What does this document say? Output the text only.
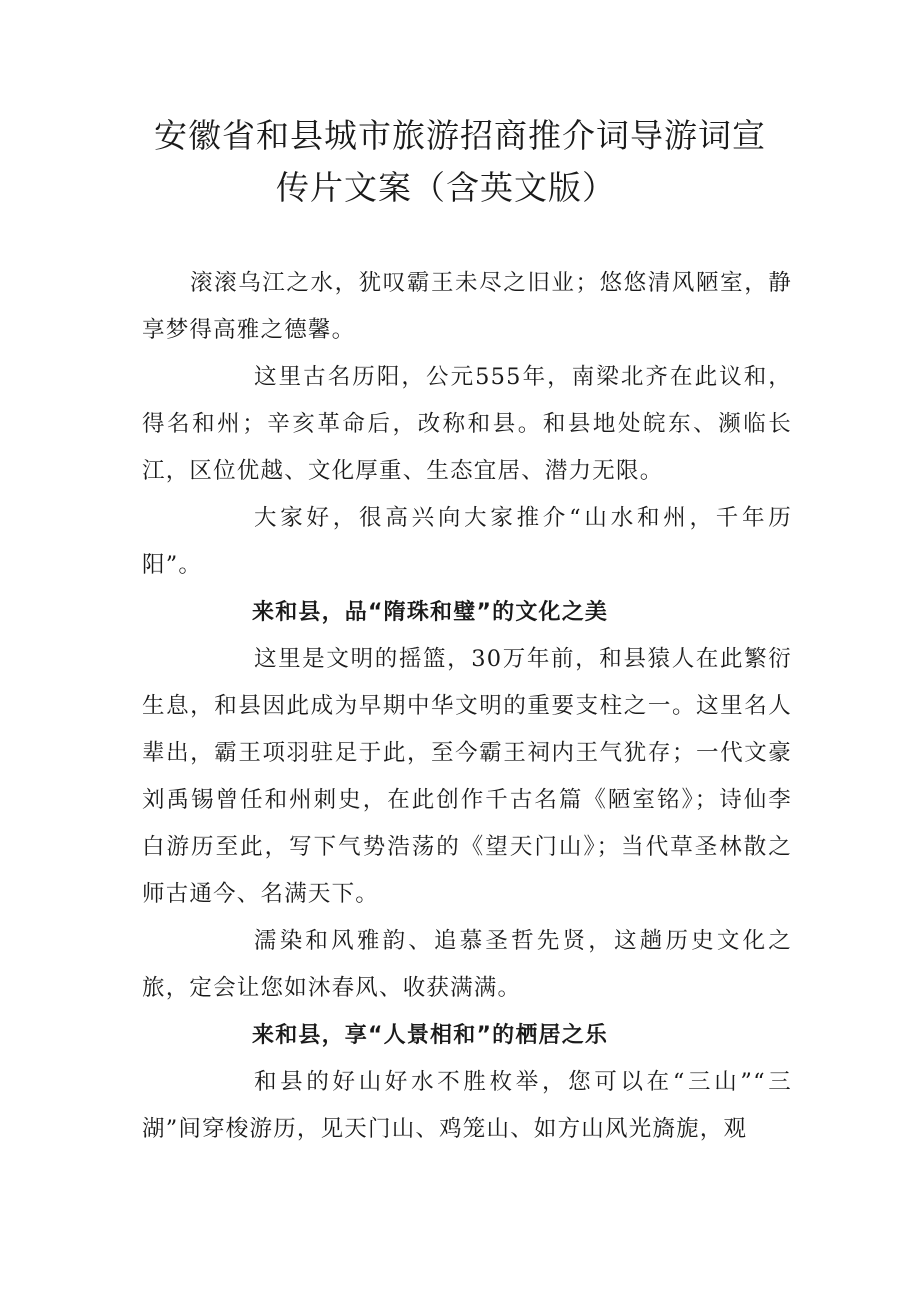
安徽省和县城市旅游招商推介词导游词宣
传片文案（含英文版）

滚滚乌江之水，犹叹霸王未尽之旧业；悠悠清风陋室，静享梦得高雅之德馨。

这里古名历阳，公元555年，南梁北齐在此议和，得名和州；辛亥革命后，改称和县。和县地处皖东、濒临长江，区位优越、文化厚重、生态宜居、潜力无限。

大家好，很高兴向大家推介“山水和州，千年历阳”。

来和县，品“隋珠和璧”的文化之美

这里是文明的摇篮，30万年前，和县猿人在此繁衍生息，和县因此成为早期中华文明的重要支柱之一。这里名人辈出，霸王项羽驻足于此，至今霸王祠内王气犹存；一代文豪刘禹锡曾任和州刺史，在此创作千古名篇《陋室铭》；诗仙李白游历至此，写下气势浩荡的《望天门山》；当代草圣林散之师古通今、名满天下。

濡染和风雅韵、追慕圣哲先贤，这趟历史文化之旅，定会让您如沐春风、收获满满。

来和县，享“人景相和”的栖居之乐

和县的好山好水不胜枚举，您可以在“三山”“三湖”间穿梭游历，见天门山、鸡笼山、如方山风光旖旎，观
